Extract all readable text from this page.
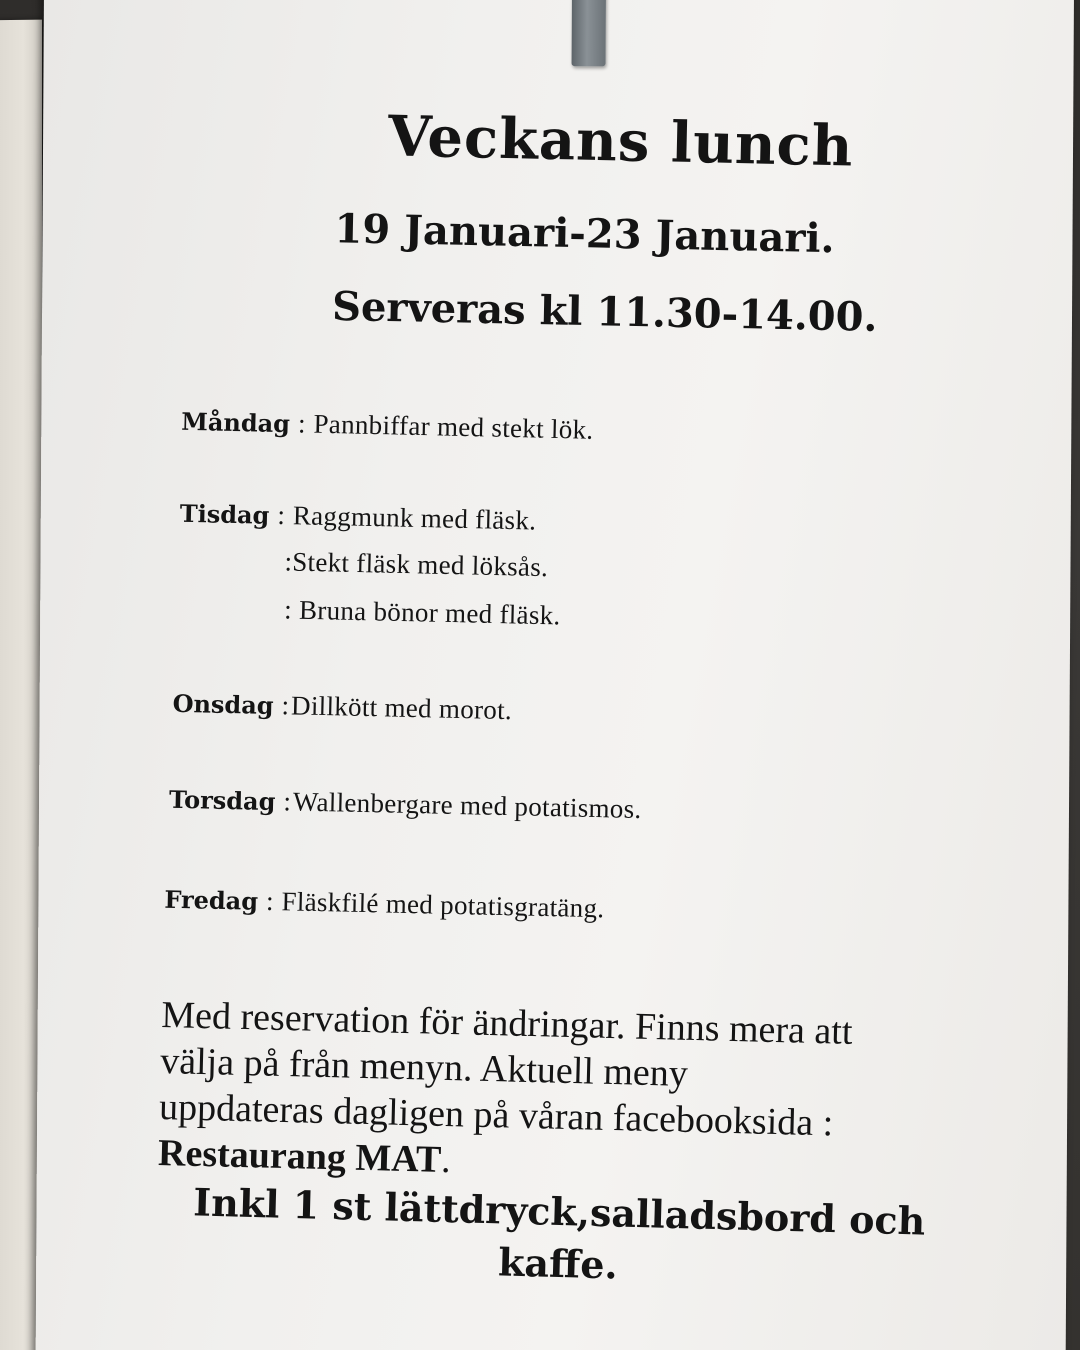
Veckans lunch
19 Januari-23 Januari.
Serveras kl 11.30-14.00.
Måndag : Pannbiffar med stekt lök.
Tisdag : Raggmunk med fläsk.
:Stekt fläsk med löksås.
: Bruna bönor med fläsk.
Onsdag :Dillkött med morot.
Torsdag :Wallenbergare med potatismos.
Fredag : Fläskfilé med potatisgratäng.
Med reservation för ändringar. Finns mera att
välja på från menyn. Aktuell meny
uppdateras dagligen på våran facebooksida :
Restaurang MAT.
Inkl 1 st lättdryck,salladsbord och
kaffe.
